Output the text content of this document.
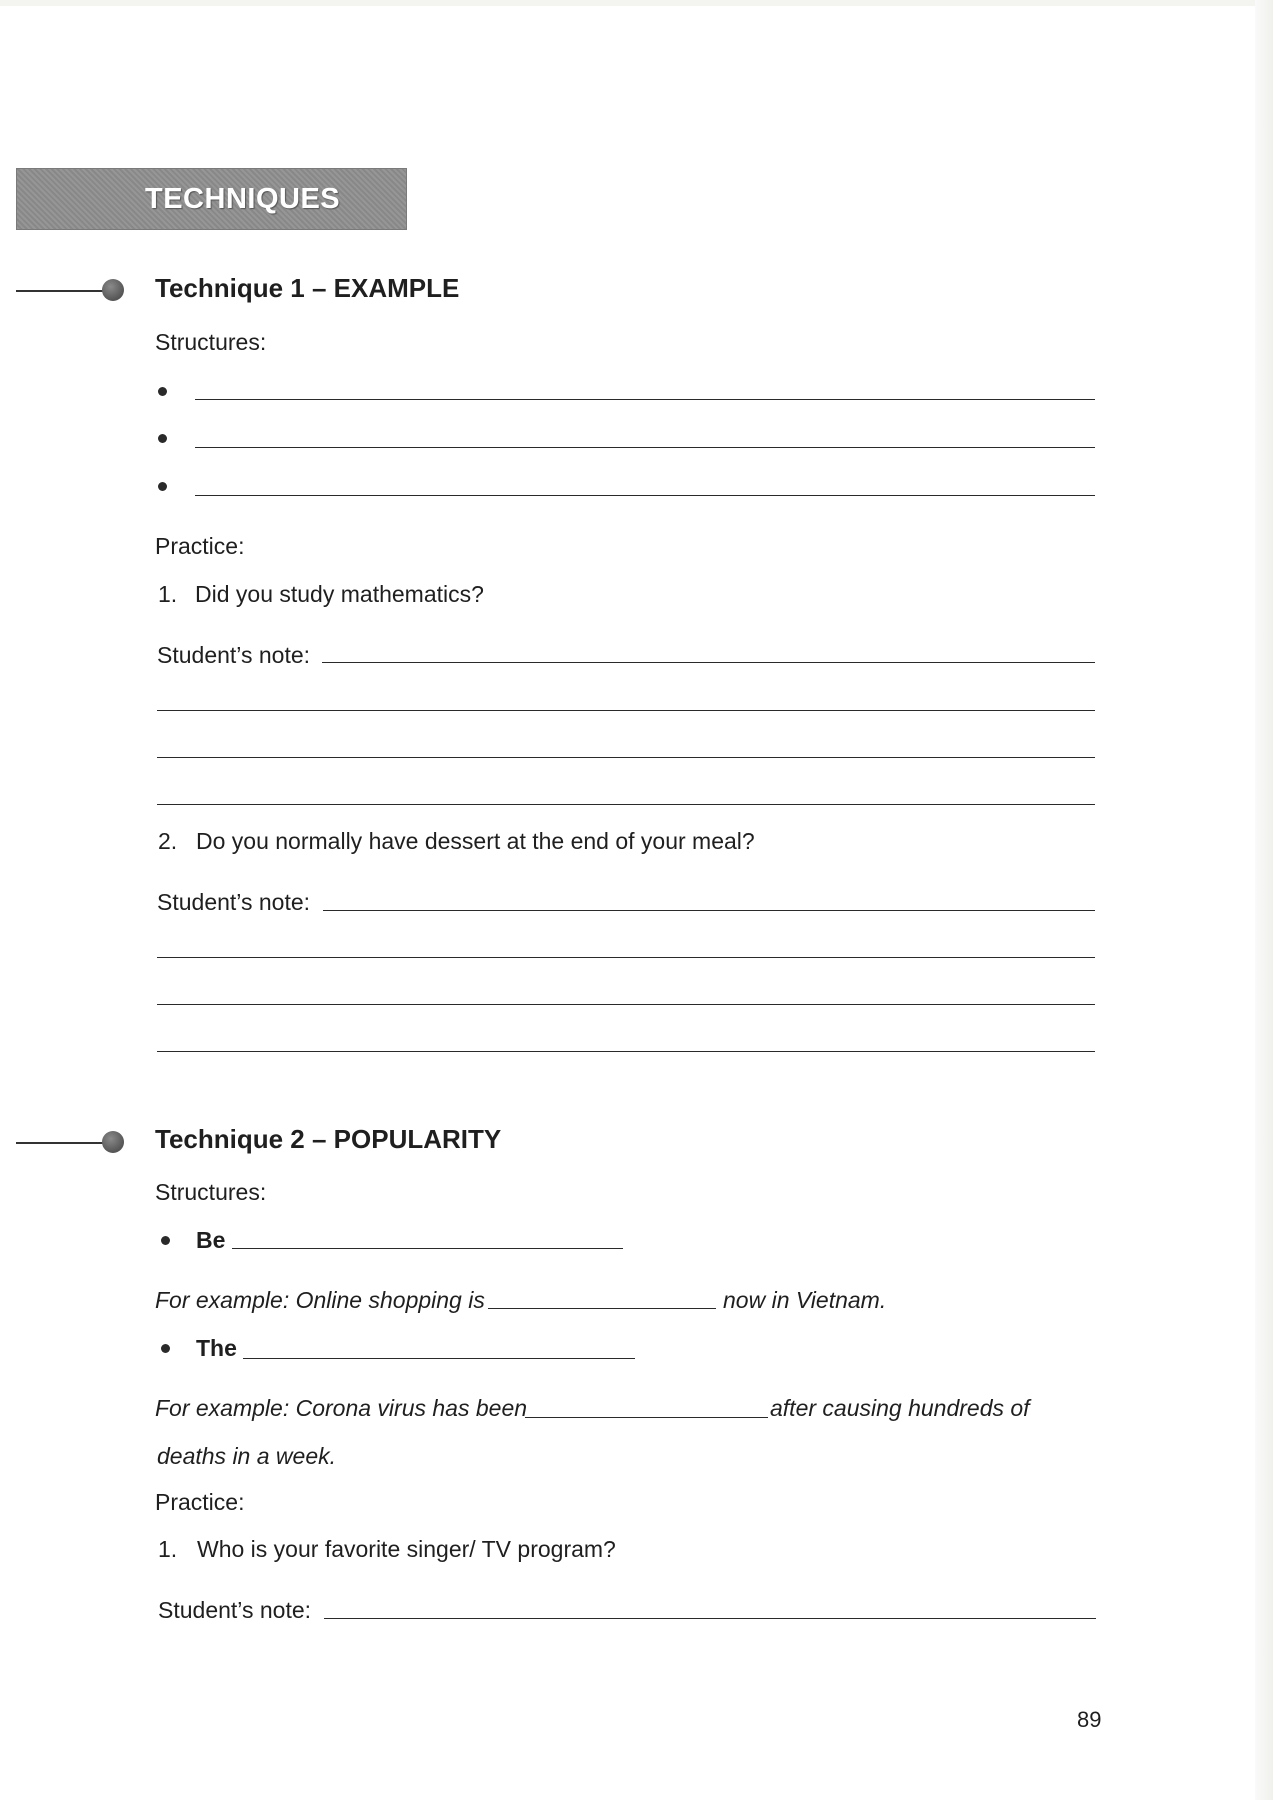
TECHNIQUES
Technique 1 – EXAMPLE
Structures:
Practice:
1. Did you study mathematics?
Student’s note:
2. Do you normally have dessert at the end of your meal?
Student’s note:
Technique 2 – POPULARITY
Structures:
Be
For example: Online shopping is	now in Vietnam.
The
For example: Corona virus has been	after causing hundreds of
deaths in a week.
Practice:
1. Who is your favorite singer/ TV program?
Student’s note:
89
